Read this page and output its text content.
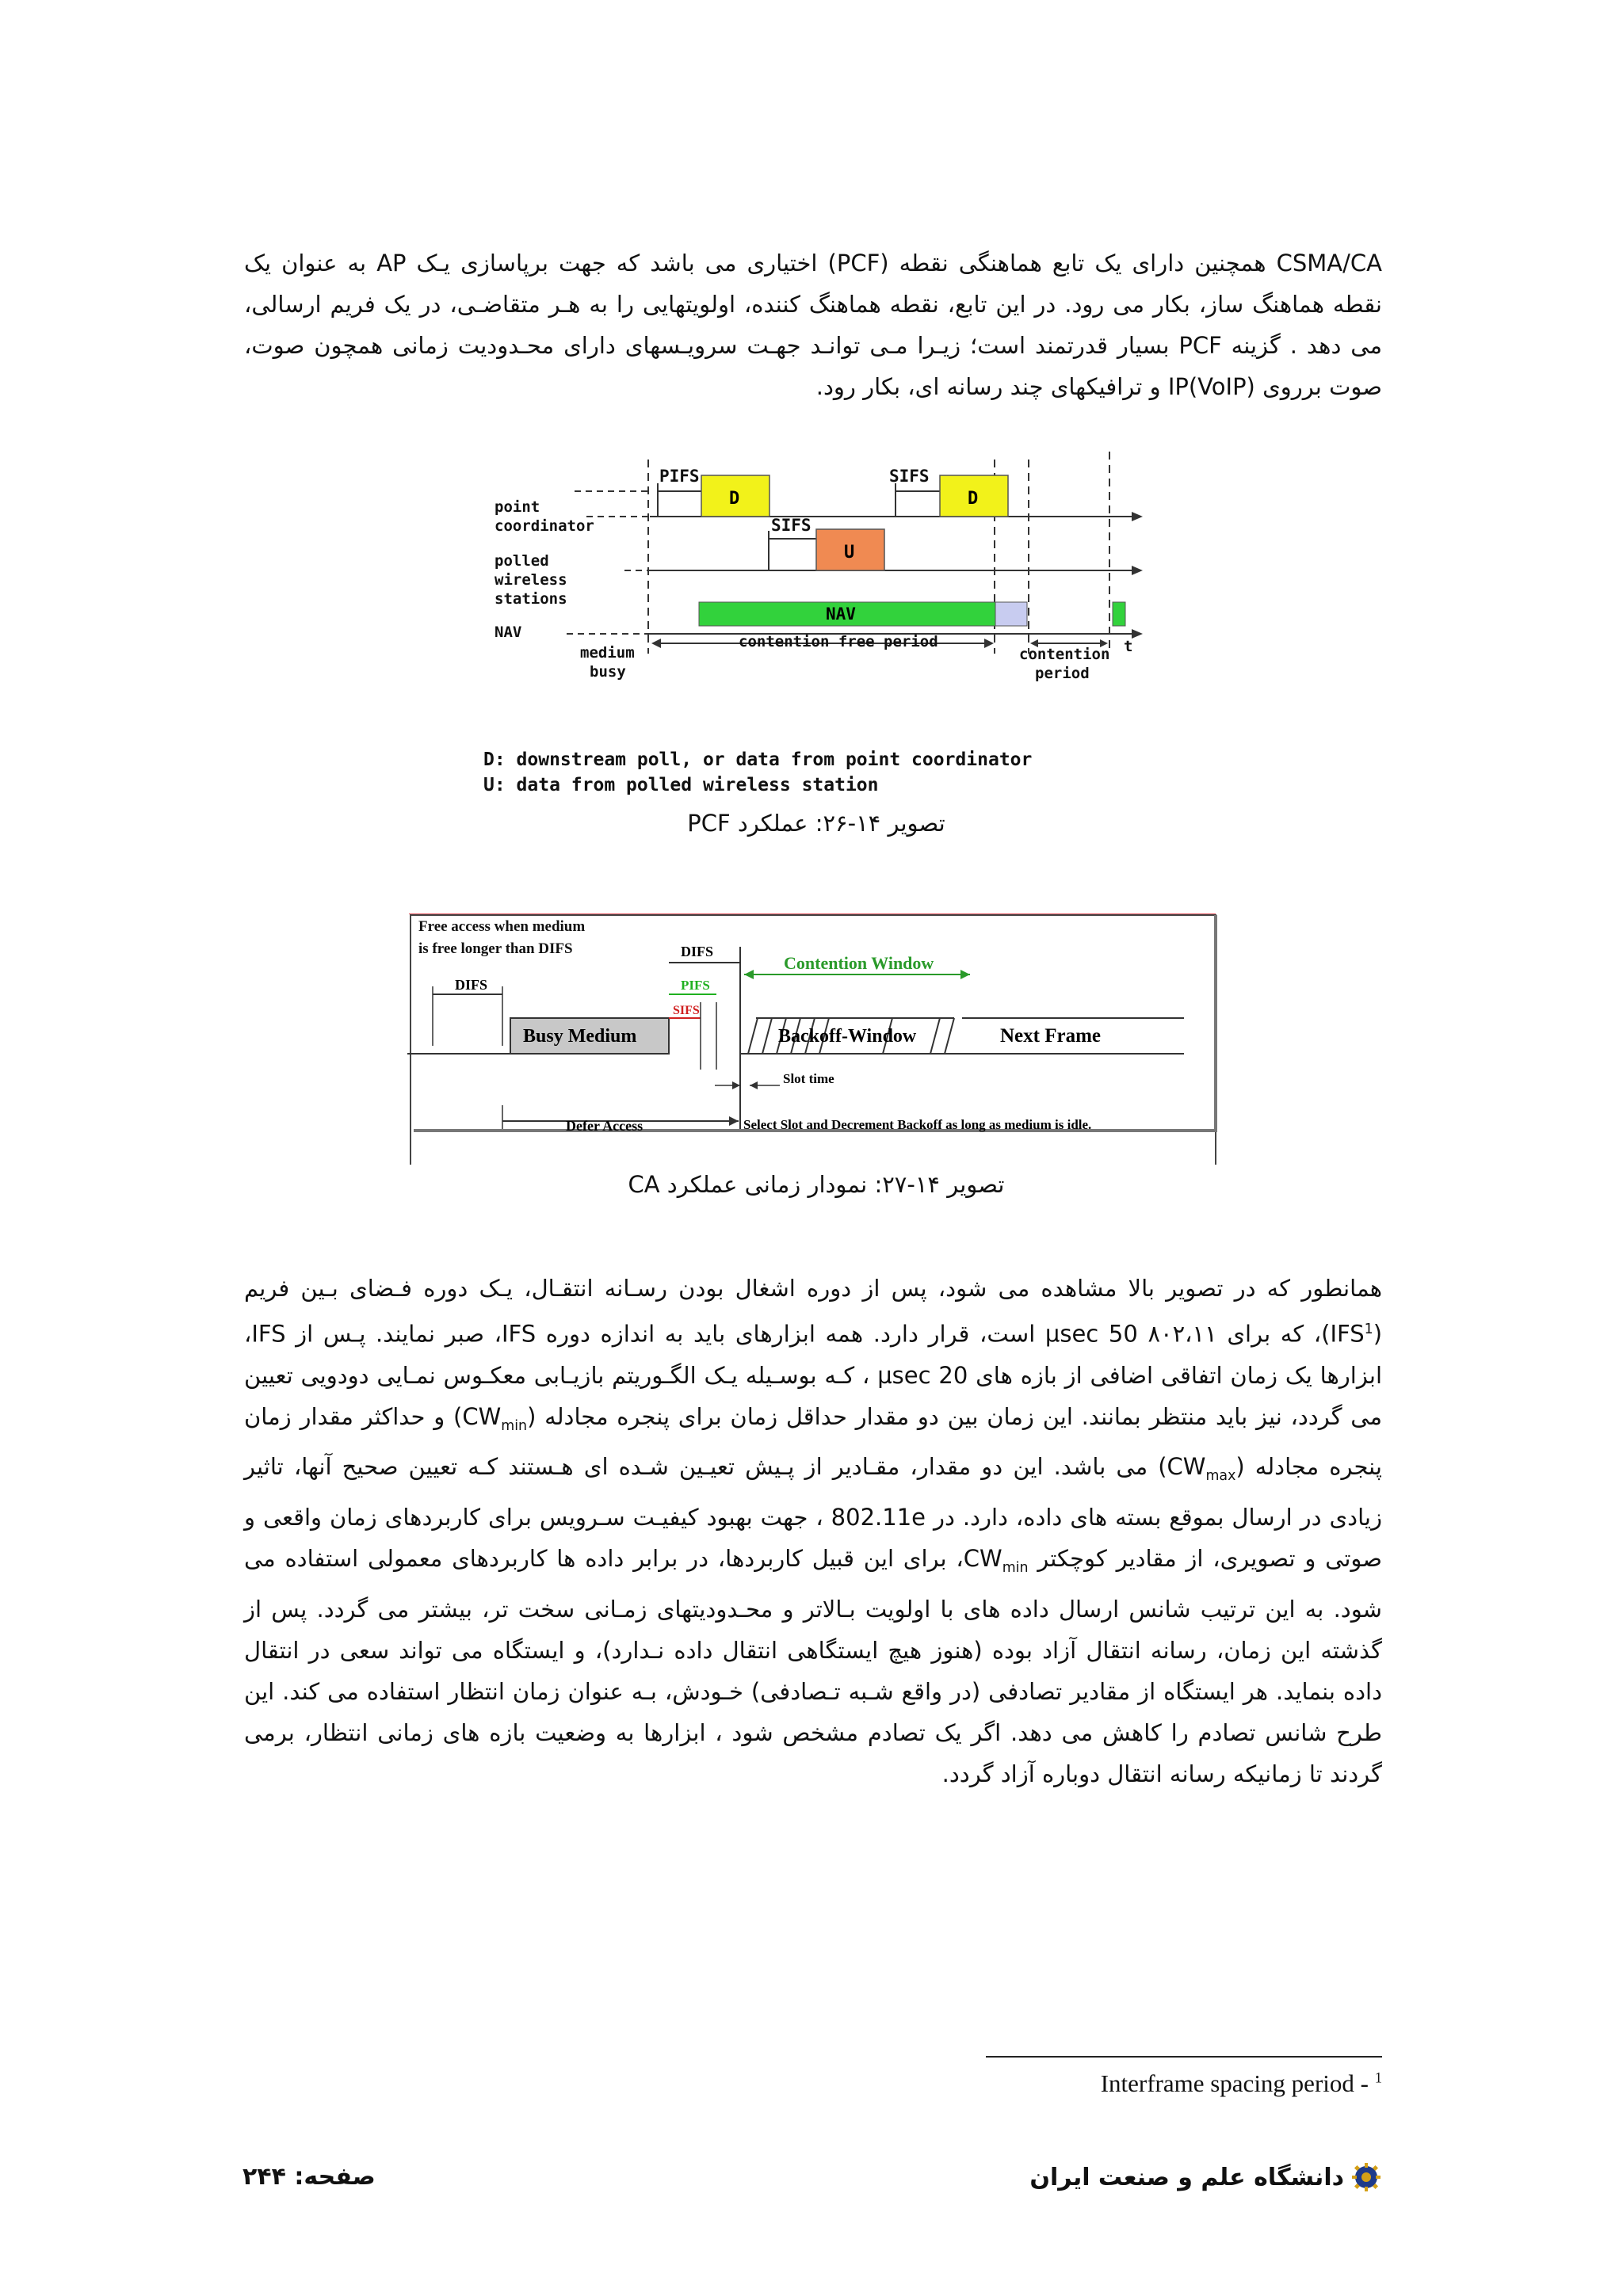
CSMA/CA همچنین دارای یک تابع هماهنگی نقطه (PCF) اختیاری می باشد که جهت برپاسازی یـک AP به عنوان یک نقطه هماهنگ ساز، بکار می رود. در این تابع، نقطه هماهنگ کننده، اولویتهایی را به هـر متقاضـی، در یک فریم ارسالی، می دهد . گزینه PCF بسیار قدرتمند است؛ زیـرا مـی توانـد جهـت سرویـسهای دارای محـدودیت زمانی همچون صوت، صوت برروی IP(VoIP) و ترافیکهای چند رسانه ای، بکار رود.

point
coordinator
polled
wireless
stations
NAV
PIFS
SIFS
SIFS
D
U
D
NAV
medium
busy
contention free period
contention
period
t
D: downstream poll, or data from point coordinator
U: data from polled wireless station

تصویر ۱۴-۲۶: عملکرد PCF

Free access when medium
is free longer than DIFS
DIFS
Busy Medium
DIFS
PIFS
SIFS
Contention Window
Backoff-Window	Next Frame
Slot time
Defer Access	Select Slot and Decrement Backoff as long as medium is idle.

تصویر ۱۴-۲۷: نمودار زمانی عملکرد CA

همانطور که در تصویر بالا مشاهده می شود، پس از دوره اشغال بودن رسـانه انتقـال، یـک دوره فـضای بـین فریم (IFS$^1$)، که برای ۸۰۲،۱۱ 50 µsec است، قرار دارد. همه ابزارهای باید به اندازه دوره IFS، صبر نمایند. پـس از IFS، ابزارها یک زمان اتفاقی اضافی از بازه های 20 µsec ، کـه بوسـیله یـک الگـوریتم بازیـابی معکـوس نمـایی دودویی تعیین می گردد، نیز باید منتظر بمانند. این زمان بین دو مقدار حداقل زمان برای پنجره مجادله $(CW_{min})$ و حداکثر مقدار زمان پنجره مجادله $(CW_{max})$ می باشد. این دو مقدار، مقـادیر از پـیش تعیـین شـده ای هـستند کـه تعیین صحیح آنها، تاثیر زیادی در ارسال بموقع بسته های داده، دارد. در 802.11e ، جهت بهبود کیفیـت سـرویس برای کاربردهای زمان واقعی و صوتی و تصویری، از مقادیر کوچکتر $CW_{min}،$ برای این قبیل کاربردها، در برابر داده ها کاربردهای معمولی استفاده می شود. به این ترتیب شانس ارسال داده های با اولویت بـالاتر و محـدودیتهای زمـانی سخت تر، بیشتر می گردد. پس از گذشته این زمان، رسانه انتقال آزاد بوده (هنوز هیچ ایستگاهی انتقال داده نـدارد)، و ایستگاه می تواند سعی در انتقال داده بنماید. هر ایستگاه از مقادیر تصادفی (در واقع شـبه تـصادفی) خـودش، بـه عنوان زمان انتظار استفاده می کند. این طرح شانس تصادم را کاهش می دهد. اگر یک تصادم مشخص شود ، ابزارها به وضعیت بازه های زمانی انتظار، برمی گردند تا زمانیکه رسانه انتقال دوباره آزاد گردد.

Interframe spacing period - $^1$
دانشگاه علم و صنعت ایران
صفحه: ۲۴۴
